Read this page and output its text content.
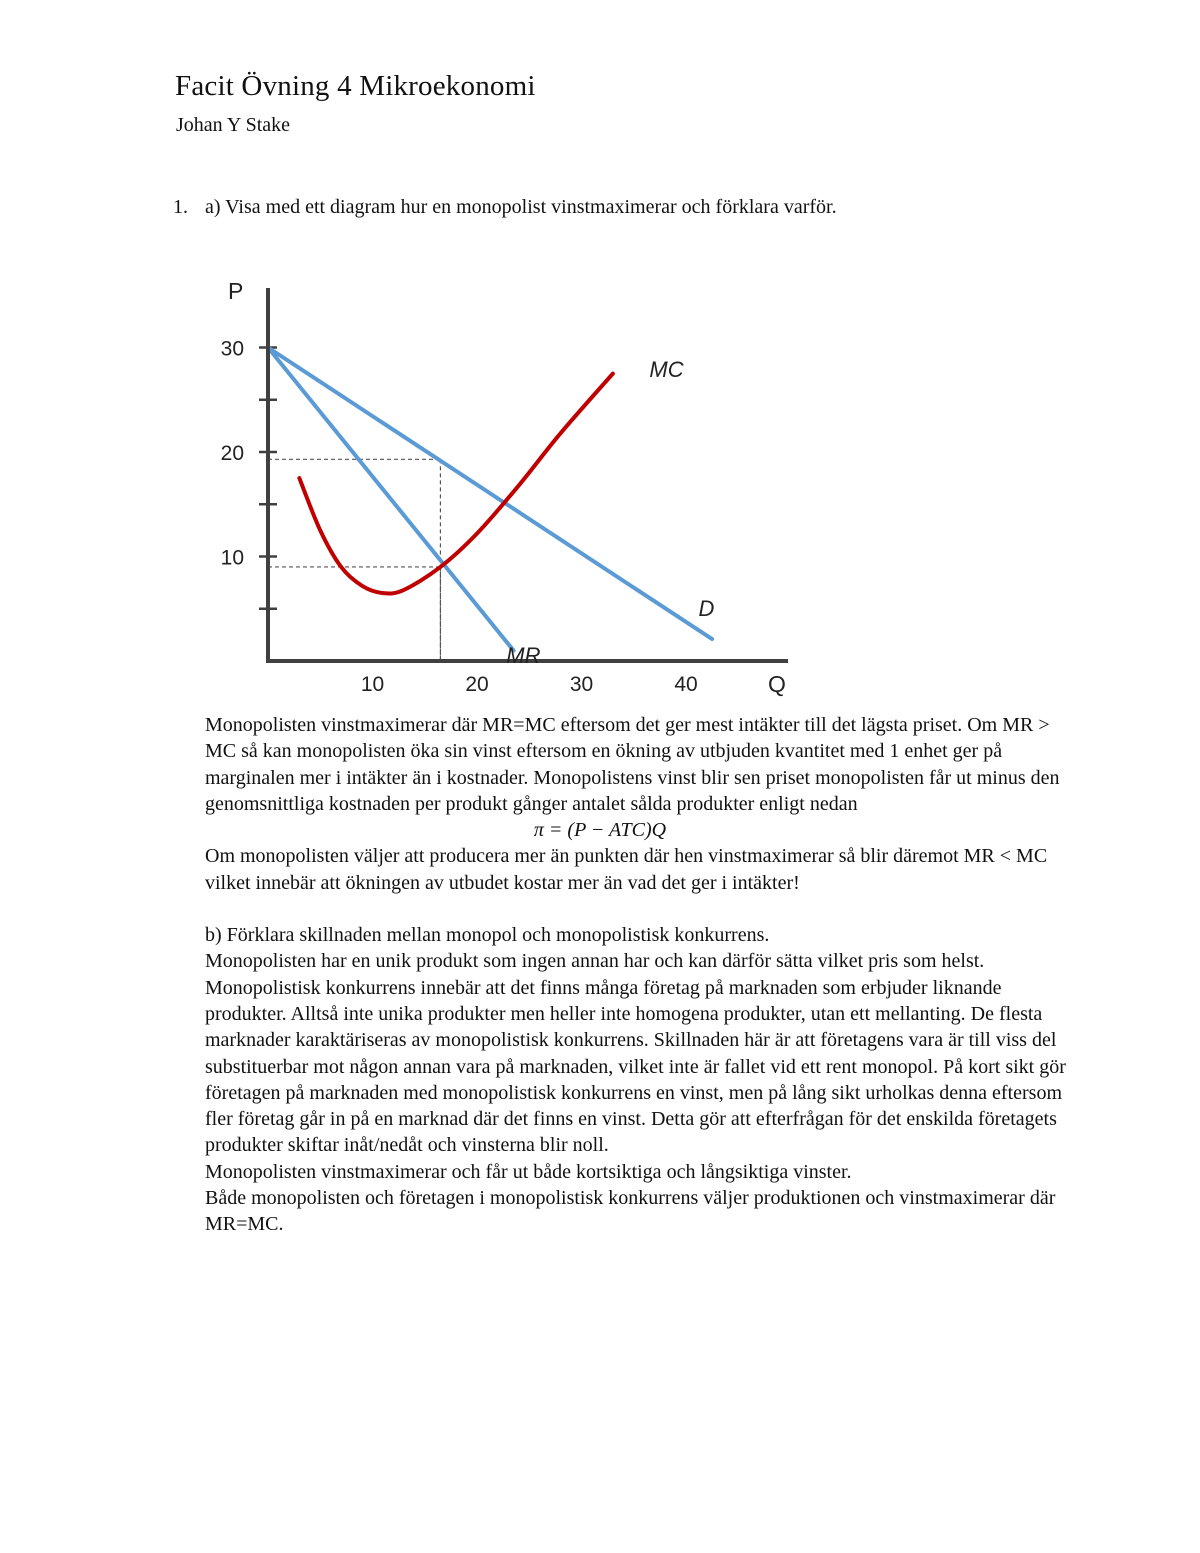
Facit Övning 4 Mikroekonomi
Johan Y Stake
1. a) Visa med ett diagram hur en monopolist vinstmaximerar och förklara varför.
10
20
30
10	20	30	40
P
Q
D
MR
MC

Monopolisten vinstmaximerar där MR=MC eftersom det ger mest intäkter till det lägsta priset. Om MR > MC så kan monopolisten öka sin vinst eftersom en ökning av utbjuden kvantitet med 1 enhet ger på marginalen mer i intäkter än i kostnader. Monopolistens vinst blir sen priset monopolisten får ut minus den genomsnittliga kostnaden per produkt gånger antalet sålda produkter enligt nedan

π = (P − ATC)Q

Om monopolisten väljer att producera mer än punkten där hen vinstmaximerar så blir däremot MR < MC vilket innebär att ökningen av utbudet kostar mer än vad det ger i intäkter!

b) Förklara skillnaden mellan monopol och monopolistisk konkurrens.

Monopolisten har en unik produkt som ingen annan har och kan därför sätta vilket pris som helst.

Monopolistisk konkurrens innebär att det finns många företag på marknaden som erbjuder liknande produkter. Alltså inte unika produkter men heller inte homogena produkter, utan ett mellanting. De flesta marknader karaktäriseras av monopolistisk konkurrens. Skillnaden här är att företagens vara är till viss del substituerbar mot någon annan vara på marknaden, vilket inte är fallet vid ett rent monopol. På kort sikt gör företagen på marknaden med monopolistisk konkurrens en vinst, men på lång sikt urholkas denna eftersom fler företag går in på en marknad där det finns en vinst. Detta gör att efterfrågan för det enskilda företagets produkter skiftar inåt/nedåt och vinsterna blir noll.

Monopolisten vinstmaximerar och får ut både kortsiktiga och långsiktiga vinster.

Både monopolisten och företagen i monopolistisk konkurrens väljer produktionen och vinstmaximerar där MR=MC.
